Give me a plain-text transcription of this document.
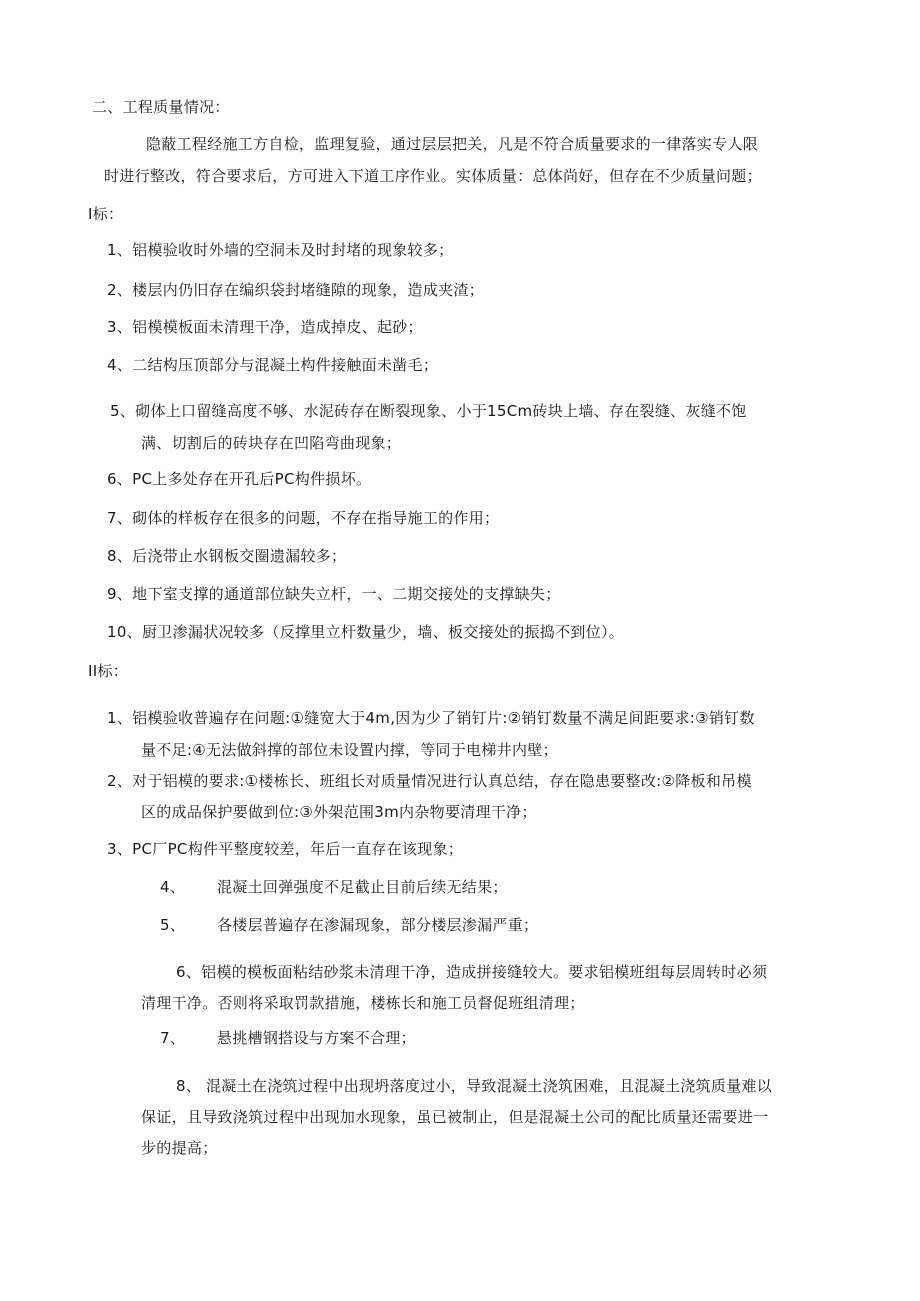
二、工程质量情况：
隐蔽工程经施工方自检，监理复验，通过层层把关，凡是不符合质量要求的一律落实专人限
时进行整改，符合要求后，方可进入下道工序作业。实体质量：总体尚好，但存在不少质量问题；
I标：
1、铝模验收时外墙的空洞未及时封堵的现象较多；
2、楼层内仍旧存在编织袋封堵缝隙的现象，造成夹渣；
3、铝模模板面未清理干净，造成掉皮、起砂；
4、二结构压顶部分与混凝土构件接触面未凿毛；
5、砌体上口留缝高度不够、水泥砖存在断裂现象、小于15Cm砖块上墙、存在裂缝、灰缝不饱
满、切割后的砖块存在凹陷弯曲现象；
6、PC上多处存在开孔后PC构件损坏。
7、砌体的样板存在很多的问题，不存在指导施工的作用；
8、后浇带止水钢板交圈遗漏较多；
9、地下室支撑的通道部位缺失立杆，一、二期交接处的支撑缺失；
10、厨卫渗漏状况较多（反撑里立杆数量少，墙、板交接处的振捣不到位）。
II标：
1、铝模验收普遍存在问题:①缝宽大于4m,因为少了销钉片:②销钉数量不满足间距要求:③销钉数
量不足:④无法做斜撑的部位未设置内撑，等同于电梯井内壁；
2、对于铝模的要求:①楼栋长、班组长对质量情况进行认真总结，存在隐患要整改:②降板和吊模
区的成品保护要做到位:③外架范围3m内杂物要清理干净；
3、PC厂PC构件平整度较差，年后一直存在该现象；
4、 混凝土回弹强度不足截止目前后续无结果；
5、 各楼层普遍存在渗漏现象，部分楼层渗漏严重；
6、铝模的模板面粘结砂浆未清理干净，造成拼接缝较大。要求铝模班组每层周转时必须
清理干净。否则将采取罚款措施，楼栋长和施工员督促班组清理；
7、 悬挑槽钢搭设与方案不合理；
8、 混凝土在浇筑过程中出现坍落度过小，导致混凝土浇筑困难，且混凝土浇筑质量难以
保证，且导致浇筑过程中出现加水现象，虽已被制止，但是混凝土公司的配比质量还需要进一
步的提高；
